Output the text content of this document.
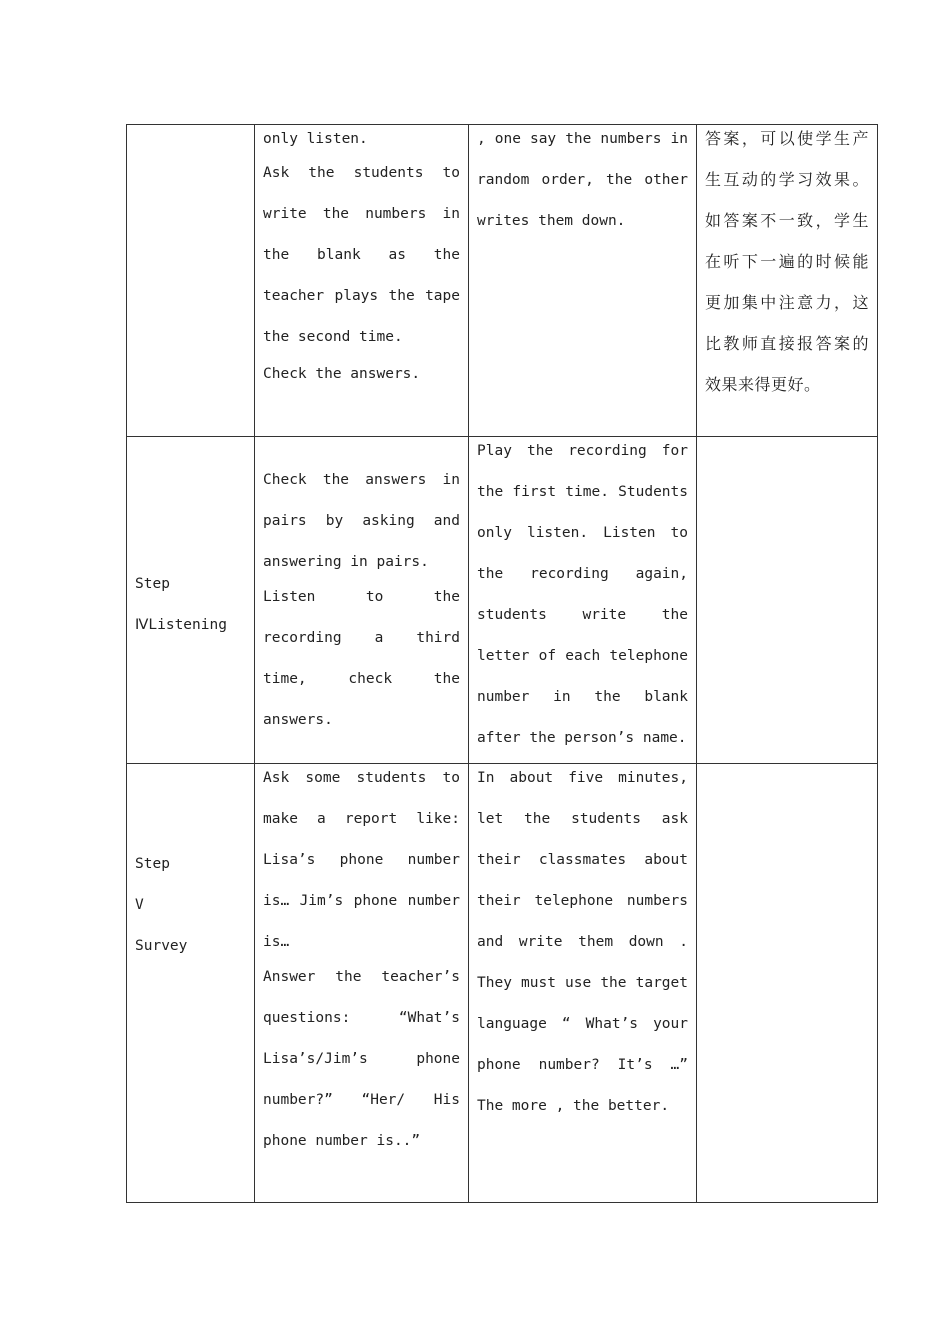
	only listen.
Ask the students to write the numbers in the blank as the teacher plays the tape the second time.
Check the answers.	, one say the numbers in random order, the other writes them down.	答案，可以使学生产生互动的学习效果。如答案不一致，学生在听下一遍的时候能更加集中注意力，这比教师直接报答案的效果来得更好。

Step
ⅣListening	Check the answers in pairs by asking and answering in pairs.
Listen to the recording a third time, check the answers.	Play the recording for the first time. Students only listen. Listen to the recording again, students write the letter of each telephone number in the blank after the person’s name.	

Step V
Survey	Ask some students to make a report like: Lisa’s phone number is… Jim’s phone number is…
Answer the teacher’s questions: “What’s Lisa’s/Jim’s phone number?” “Her/ His phone number is..”	In about five minutes, let the students ask their classmates about their telephone numbers and write them down . They must use the target language “ What’s your phone number? It’s …” The more , the better.	
